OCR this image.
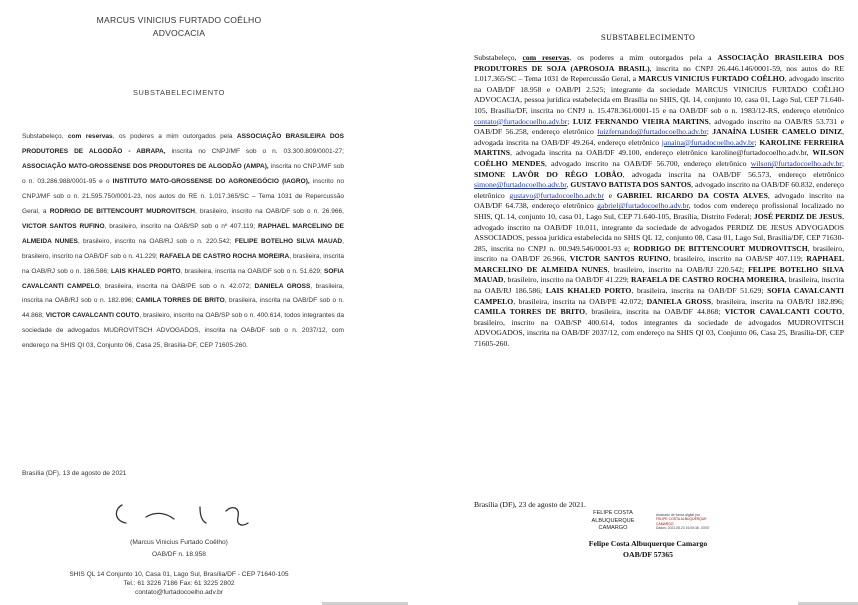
MARCUS VINICIUS FURTADO COÊLHO
ADVOCACIA
SUBSTABELECIMENTO
Substabeleço, com reservas, os poderes a mim outorgados pela ASSOCIAÇÃO BRASILEIRA DOS PRODUTORES DE ALGODÃO - ABRAPA, inscrita no CNPJ/MF sob o n. 03.300.809/0001-27; ASSOCIAÇÃO MATO-GROSSENSE DOS PRODUTORES DE ALGODÃO (AMPA), inscrita no CNPJ/MF sob o n. 03.286.988/0001-95 e o INSTITUTO MATO-GROSSENSE DO AGRONEGÓCIO (IAGRO), inscrito no CNPJ/MF sob o n. 21.595.750/0001-23, nos autos do RE n. 1.017.365/SC – Tema 1031 de Repercussão Geral, a RODRIGO DE BITTENCOURT MUDROVITSCH, brasileiro, inscrito na OAB/DF sob o n. 26.966, VICTOR SANTOS RUFINO, brasileiro, inscrito na OAB/SP sob o nº 407.119; RAPHAEL MARCELINO DE ALMEIDA NUNES, brasileiro, inscrito na OAB/RJ sob o n. 220.542; FELIPE BOTELHO SILVA MAUAD, brasileiro, inscrito na OAB/DF sob o n. 41.229; RAFAELA DE CASTRO ROCHA MOREIRA, brasileira, inscrita na OAB/RJ sob o n. 186.586; LAIS KHALED PORTO, brasileira, inscrita na OAB/DF sob o n. 51.629; SOFIA CAVALCANTI CAMPELO, brasileira, inscrita na OAB/PE sob o n. 42.072; DANIELA GROSS, brasileira, inscrita na OAB/RJ sob o n. 182.896; CAMILA TORRES DE BRITO, brasileira, inscrita na OAB/DF sob o n. 44.868; VICTOR CAVALCANTI COUTO, brasileiro, inscrito na OAB/SP sob o n. 400.614, todos integrantes da sociedade de advogados MUDROVITSCH ADVOGADOS, inscrita na OAB/DF sob o n. 2037/12, com endereço na SHIS QI 03, Conjunto 06, Casa 25, Brasília-DF, CEP 71605-260.
Brasília (DF), 13 de agosto de 2021
(Marcus Vinicius Furtado Coêlho)
OAB/DF n. 18.958
SHIS QL 14 Conjunto 10, Casa 01, Lago Sul, Brasília/DF - CEP 71640-105
Tel.: 61 3226 7186 Fax: 61 3225 2802
contato@furtadocoelho.adv.br
SUBSTABELECIMENTO
Substabeleço, com reservas, os poderes a mim outorgados pela a ASSOCIAÇÃO BRASILEIRA DOS PRODUTORES DE SOJA (APROSOJA BRASIL), inscrita no CNPJ 26.446.146/0001-59, nos autos do RE 1.017.365/SC – Tema 1031 de Repercussão Geral, a MARCUS VINICIUS FURTADO COÊLHO, advogado inscrito na OAB/DF 18.958 e OAB/PI 2.525; integrante da sociedade MARCUS VINICIUS FURTADO COÊLHO ADVOCACIA, pessoa jurídica estabelecida em Brasília no SHIS, QL 14, conjunto 10, casa 01, Lago Sul, CEP 71.640-105, Brasília/DF, inscrita no CNPJ n. 15.478.361/0001-15 e na OAB/DF sob o n. 1983/12-RS, endereço eletrônico contato@furtadocoelho.adv.br; LUIZ FERNANDO VIEIRA MARTINS, advogado inscrito na OAB/RS 53.731 e OAB/DF 56.258, endereço eletrônico luizfernando@furtadocoelho.adv.br; JANAÍNA LUSIER CAMELO DINIZ, advogada inscrita na OAB/DF 49.264, endereço eletrônico janaina@furtadocoelho.adv.br; KAROLINE FERREIRA MARTINS, advogada inscrita na OAB/DF 49.100, endereço eletrônico karoline@furtadocoelho.adv.br, WILSON COÊLHO MENDES, advogado inscrito na OAB/DF 56.700, endereço eletrônico wilson@furtadocoelho.adv.br; SIMONE LAVÔR DO RÊGO LOBÃO, advogada inscrita na OAB/DF 56.573, endereço eletrônico simone@furtadocoelho.adv.br, GUSTAVO BATISTA DOS SANTOS, advogado inscrito na OAB/DF 60.832, endereço eletrônico gustavo@furtadocoelho.adv.br e GABRIEL RICARDO DA COSTA ALVES, advogado inscrito na OAB/DF 64.738, endereço eletrônico gabriel@furtadocoelho.adv.br, todos com endereço profissional localizado no SHIS, QL 14, conjunto 10, casa 01, Lago Sul, CEP 71.640-105, Brasília, Distrito Federal; JOSÉ PERDIZ DE JESUS, advogado inscrito na OAB/DF 10.011, integrante da sociedade de advogados PERDIZ DE JESUS ADVOGADOS ASSOCIADOS, pessoa jurídica estabelecida no SHIS QL 12, conjunto 08, Casa 01, Lago Sul, Brasília/DF, CEP 71630-285, inscrita no CNPJ n. 00.949.546/0001-93 e; RODRIGO DE BITTENCOURT MUDROVITSCH, brasileiro, inscrito na OAB/DF 26.966, VICTOR SANTOS RUFINO, brasileiro, inscrito na OAB/SP 407.119; RAPHAEL MARCELINO DE ALMEIDA NUNES, brasileiro, inscrito na OAB/RJ 220.542; FELIPE BOTELHO SILVA MAUAD, brasileiro, inscrito na OAB/DF 41.229; RAFAELA DE CASTRO ROCHA MOREIRA, brasileira, inscrita na OAB/RJ 186.586; LAIS KHALED PORTO, brasileira, inscrita na OAB/DF 51.629; SOFIA CAVALCANTI CAMPELO, brasileira, inscrita na OAB/PE 42.072; DANIELA GROSS, brasileira, inscrita na OAB/RJ 182.896; CAMILA TORRES DE BRITO, brasileira, inscrita na OAB/DF 44.868; VICTOR CAVALCANTI COUTO, brasileiro, inscrito na OAB/SP 400.614, todos integrantes da sociedade de advogados MUDROVITSCH ADVOGADOS, inscrita na OAB/DF 2037/12, com endereço na SHIS QI 03, Conjunto 06, Casa 25, Brasília-DF, CEP 71605-260.
Brasília (DF), 23 de agosto de 2021.
FELIPE COSTA
ALBUQUERQUE
CAMARGO
Assinado de forma digital por
FELIPE COSTA ALBUQUERQUE
CAMARGO
Dados: 2021.08.23 16:05:38 -03'00'
Felipe Costa Albuquerque Camargo
OAB/DF 57365
